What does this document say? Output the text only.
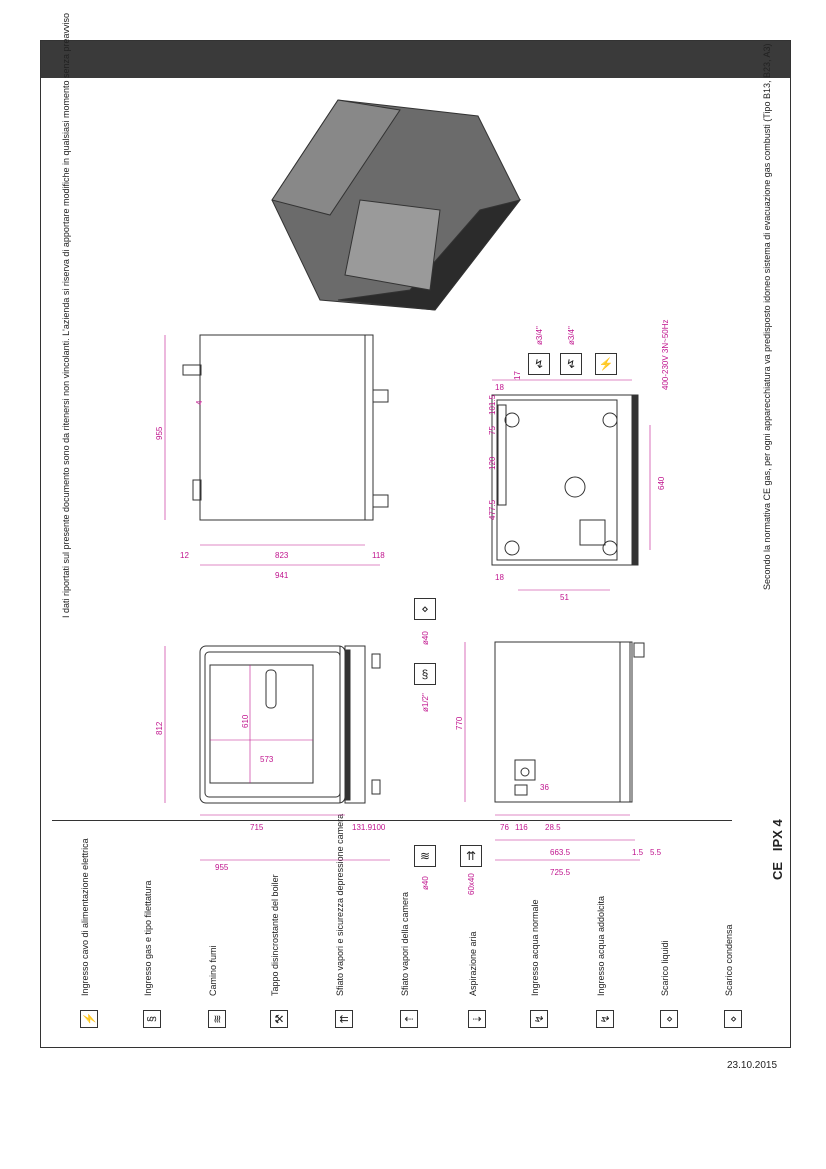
I dati riportati sul presente documento sono da ritenersi non vincolanti. L'azienda si riserva di apportare modifiche in qualsiasi momento senza preavviso	Secondo la normativa CE gas, per ogni apparecchiatura va predisposto idoneo sistema di evacuazione gas combusti (Tipo B13, B23, A3)
⚡
Ingresso cavo di alimentazione elettrica
§
Ingresso gas e tipo filettatura
≋
Camino fumi
⚒
Tappo disincrostante del boiler
⇈
Sfiato vapori e sicurezza depressione camera
⇡
Sfiato vapori della camera
⇣
Aspirazione aria
↯
Ingresso acqua normale
↯
Ingresso acqua addolcita
⋄
Scarico liquidi
⋄
Scarico condensa
812
610
573
955
715	131.9 100
770
36
76 116 28.5
663.5
725.5
5.5
1.5
955
4
823
941
118
12
18
18
477.5
120
75
101.5
17
51
640
400-230V 3N~50Hz
⋄
ø40
§
ø1/2"
↯
ø3/4"
↯
ø3/4"
⚡
≋
ø40
⇈
60x40
CE   IPX 4
23.10.2015
